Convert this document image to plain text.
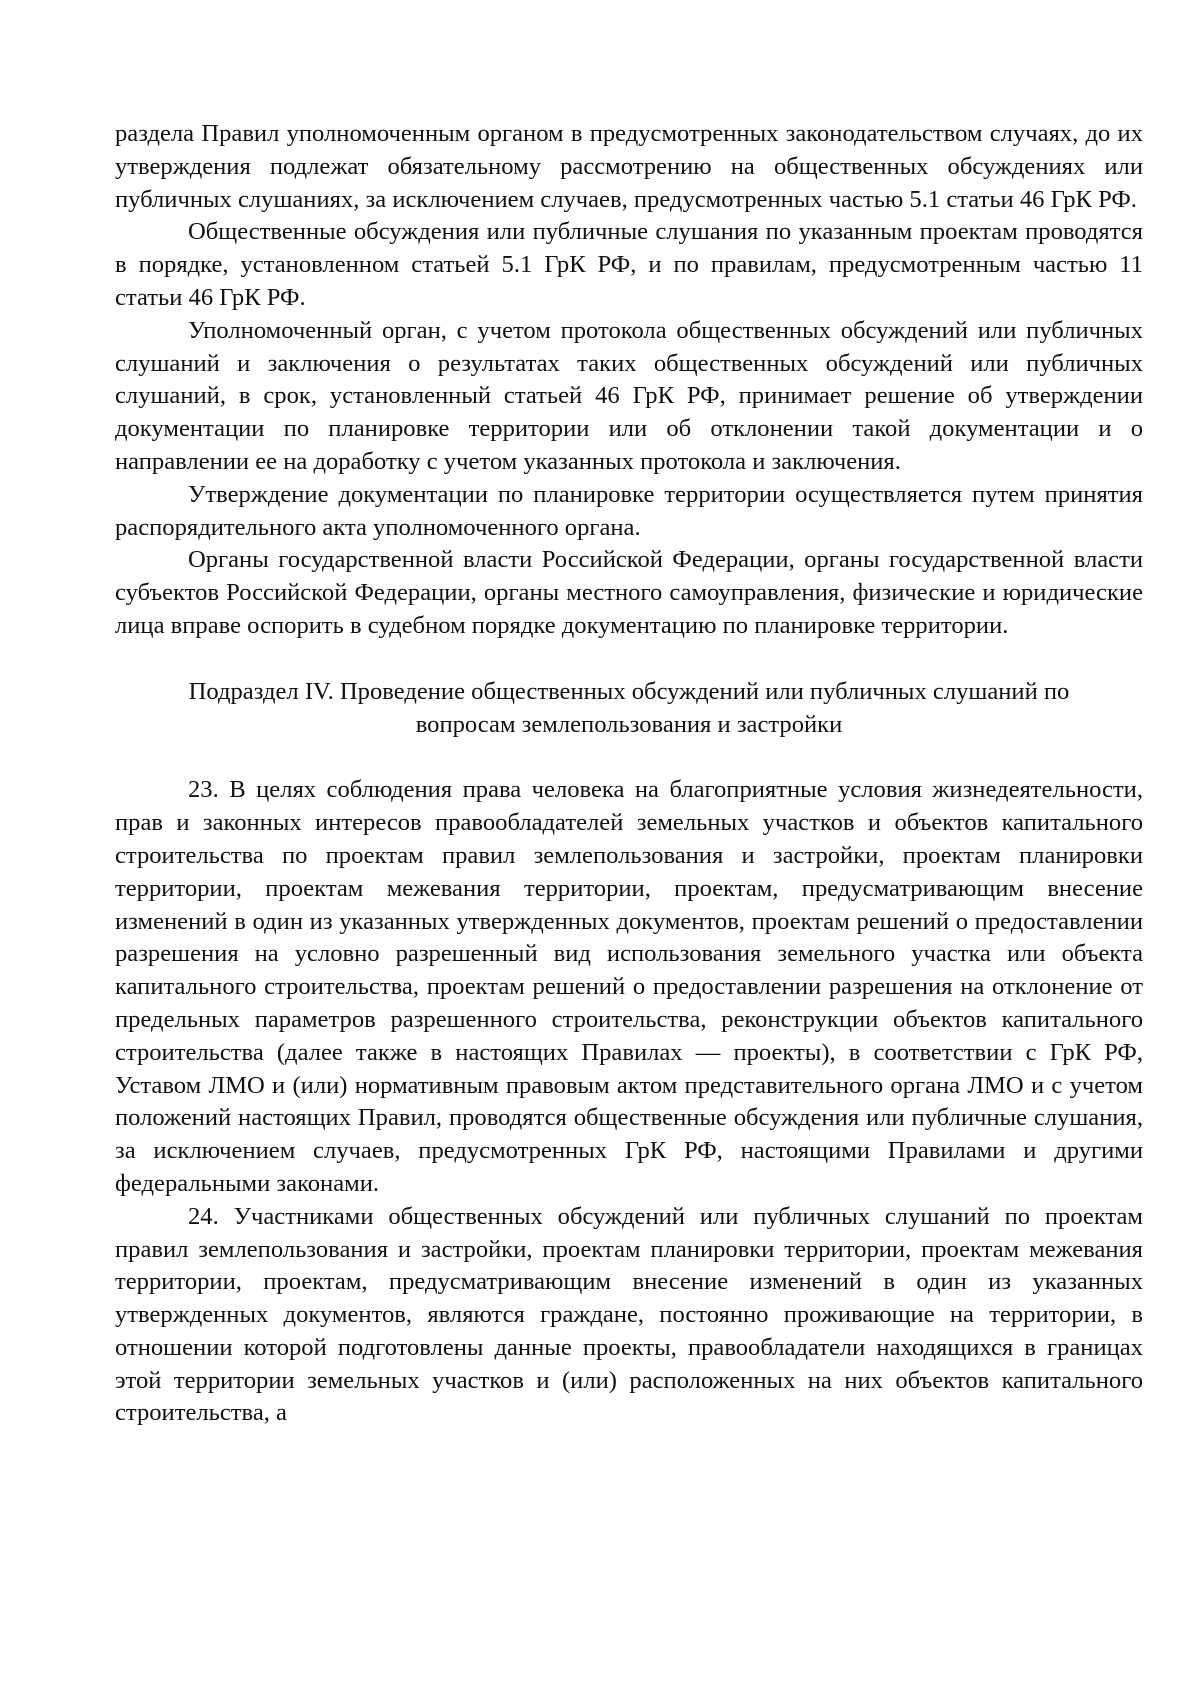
раздела Правил уполномоченным органом в предусмотренных законодательством случаях, до их утверждения подлежат обязательному рассмотрению на общественных обсуждениях или публичных слушаниях, за исключением случаев, предусмотренных частью 5.1 статьи 46 ГрК РФ.

Общественные обсуждения или публичные слушания по указанным проектам проводятся в порядке, установленном статьей 5.1 ГрК РФ, и по правилам, предусмотренным частью 11 статьи 46 ГрК РФ.

Уполномоченный орган, с учетом протокола общественных обсуждений или публичных слушаний и заключения о результатах таких общественных обсуждений или публичных слушаний, в срок, установленный статьей 46 ГрК РФ, принимает решение об утверждении документации по планировке территории или об отклонении такой документации и о направлении ее на доработку с учетом указанных протокола и заключения.

Утверждение документации по планировке территории осуществляется путем принятия распорядительного акта уполномоченного органа.

Органы государственной власти Российской Федерации, органы государственной власти субъектов Российской Федерации, органы местного самоуправления, физические и юридические лица вправе оспорить в судебном порядке документацию по планировке территории.

Подраздел IV. Проведение общественных обсуждений или публичных слушаний по

вопросам землепользования и застройки

23. В целях соблюдения права человека на благоприятные условия жизнедеятельности, прав и законных интересов правообладателей земельных участков и объектов капитального строительства по проектам правил землепользования и застройки, проектам планировки территории, проектам межевания территории, проектам, предусматривающим внесение изменений в один из указанных утвержденных документов, проектам решений о предоставлении разрешения на условно разрешенный вид использования земельного участка или объекта капитального строительства, проектам решений о предоставлении разрешения на отклонение от предельных параметров разрешенного строительства, реконструкции объектов капитального строительства (далее также в настоящих Правилах — проекты), в соответствии с ГрК РФ, Уставом ЛМО и (или) нормативным правовым актом представительного органа ЛМО и с учетом положений настоящих Правил, проводятся общественные обсуждения или публичные слушания, за исключением случаев, предусмотренных ГрК РФ, настоящими Правилами и другими федеральными законами.

24. Участниками общественных обсуждений или публичных слушаний по проектам правил землепользования и застройки, проектам планировки территории, проектам межевания территории, проектам, предусматривающим внесение изменений в один из указанных утвержденных документов, являются граждане, постоянно проживающие на территории, в отношении которой подготовлены данные проекты, правообладатели находящихся в границах этой территории земельных участков и (или) расположенных на них объектов капитального строительства, а
